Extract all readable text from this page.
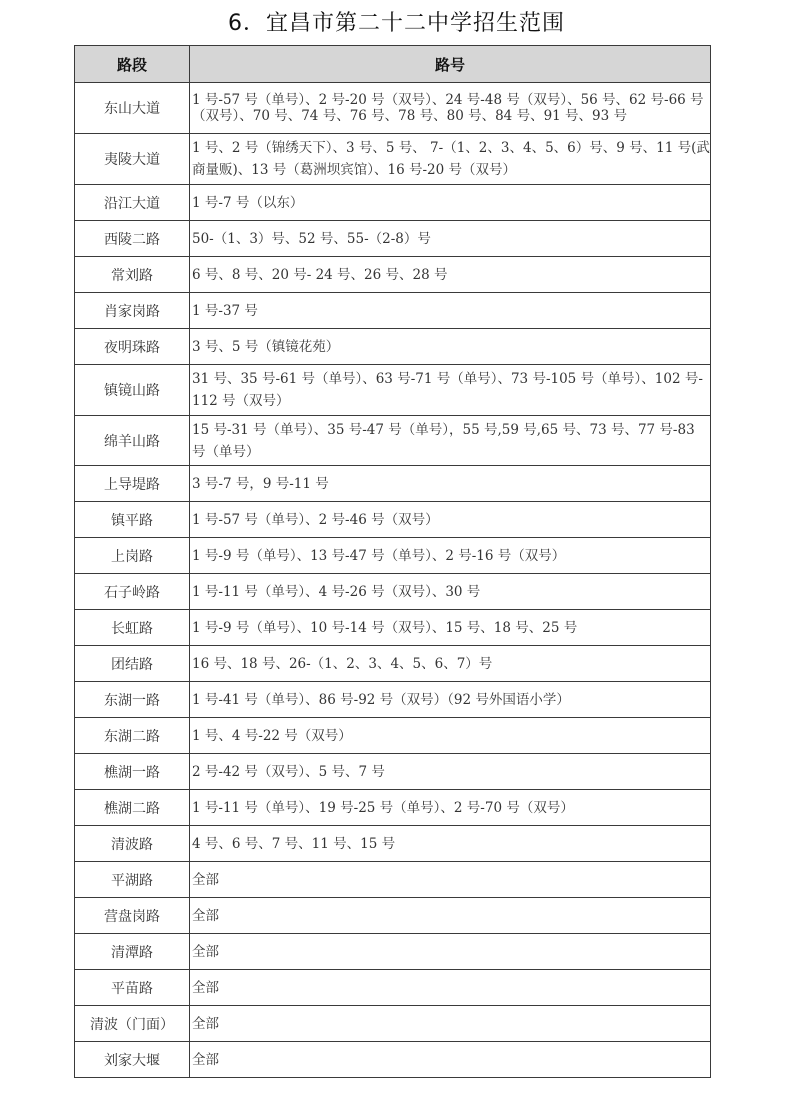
6．宜昌市第二十二中学招生范围
路段	路号
东山大道	1 号-57 号（单号）、2 号-20 号（双号）、24 号-48 号（双号）、56 号、62 号-66 号（双号）、70 号、74 号、76 号、78 号、80 号、84 号、91 号、93 号
夷陵大道	1 号、2 号（锦绣天下）、3 号、5 号、 7-（1、2、3、4、5、6）号、9 号、11 号(武商量贩)、13 号（葛洲坝宾馆）、16 号-20 号（双号）
沿江大道	1 号-7 号（以东）
西陵二路	50-（1、3）号、52 号、55-（2-8）号
常刘路	6 号、8 号、20 号- 24 号、26 号、28 号
肖家岗路	1 号-37 号
夜明珠路	3 号、5 号（镇镜花苑）
镇镜山路	31 号、35 号-61 号（单号）、63 号-71 号（单号）、73 号-105 号（单号）、102 号-112 号（双号）
绵羊山路	15 号-31 号（单号）、35 号-47 号（单号），55 号,59 号,65 号、73 号、77 号-83 号（单号）
上导堤路	3 号-7 号，9 号-11 号
镇平路	1 号-57 号（单号）、2 号-46 号（双号）
上岗路	1 号-9 号（单号）、13 号-47 号（单号）、2 号-16 号（双号）
石子岭路	1 号-11 号（单号）、4 号-26 号（双号）、30 号
长虹路	1 号-9 号（单号）、10 号-14 号（双号）、15 号、18 号、25 号
团结路	16 号、18 号、26-（1、2、3、4、5、6、7）号
东湖一路	1 号-41 号（单号）、86 号-92 号（双号）（92 号外国语小学）
东湖二路	1 号、4 号-22 号（双号）
樵湖一路	2 号-42 号（双号）、5 号、7 号
樵湖二路	1 号-11 号（单号）、19 号-25 号（单号）、2 号-70 号（双号）
清波路	4 号、6 号、7 号、11 号、15 号
平湖路	全部
营盘岗路	全部
清潭路	全部
平苗路	全部
清波（门面）	全部
刘家大堰	全部
